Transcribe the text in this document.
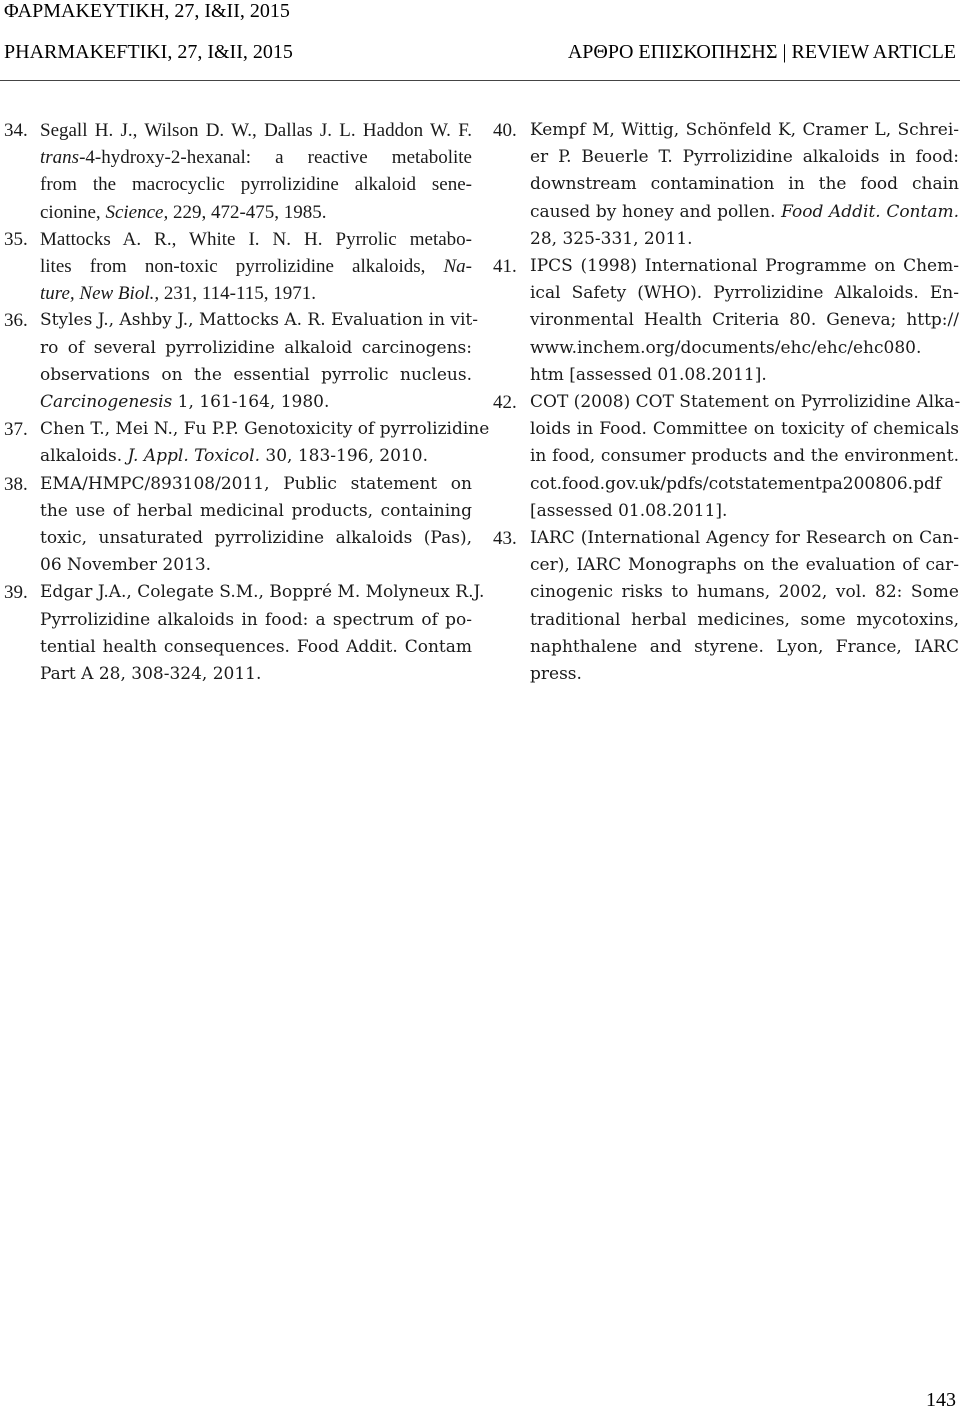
ΦΑΡΜΑΚΕΥΤΙΚΗ, 27, I&II, 2015
PHARMAKEFTIKI, 27, I&II, 2015	ΑΡΘΡΟ ΕΠΙΣΚΟΠΗΣΗΣ | REVIEW ARTICLE
34. Segall H. J., Wilson D. W., Dallas J. L. Haddon W. F.
trans-4-hydroxy-2-hexanal: a reactive metabolite
from the macrocyclic pyrrolizidine alkaloid sene-
cionine, Science, 229, 472-475, 1985.
35. Mattocks A. R., White I. N. H. Pyrrolic metabo-
lites from non-toxic pyrrolizidine alkaloids, Na-
ture, New Biol., 231, 114-115, 1971.
36. Styles J., Ashby J., Mattocks A. R. Evaluation in vit-
ro of several pyrrolizidine alkaloid carcinogens:
observations on the essential pyrrolic nucleus.
Carcinogenesis 1, 161-164, 1980.
37. Chen T., Mei N., Fu P.P. Genotoxicity of pyrrolizidine
alkaloids. J. Appl. Toxicol. 30, 183-196, 2010.
38. EMA/HMPC/893108/2011, Public statement on
the use of herbal medicinal products, containing
toxic, unsaturated pyrrolizidine alkaloids (Pas),
06 November 2013.
39. Edgar J.A., Colegate S.M., Boppré M. Molyneux R.J.
Pyrrolizidine alkaloids in food: a spectrum of po-
tential health consequences. Food Addit. Contam
Part A 28, 308-324, 2011.
40. Kempf M, Wittig, Schönfeld K, Cramer L, Schrei-
er P. Beuerle T. Pyrrolizidine alkaloids in food:
downstream contamination in the food chain
caused by honey and pollen. Food Addit. Contam.
28, 325-331, 2011.
41. IPCS (1998) International Programme on Chem-
ical Safety (WHO). Pyrrolizidine Alkaloids. En-
vironmental Health Criteria 80. Geneva; http://
www.inchem.org/documents/ehc/ehc/ehc080.
htm [assessed 01.08.2011].
42. COT (2008) COT Statement on Pyrrolizidine Alka-
loids in Food. Committee on toxicity of chemicals
in food, consumer products and the environment.
cot.food.gov.uk/pdfs/cotstatementpa200806.pdf
[assessed 01.08.2011].
43. IARC (International Agency for Research on Can-
cer), IARC Monographs on the evaluation of car-
cinogenic risks to humans, 2002, vol. 82: Some
traditional herbal medicines, some mycotoxins,
naphthalene and styrene. Lyon, France, IARC
press.
143
